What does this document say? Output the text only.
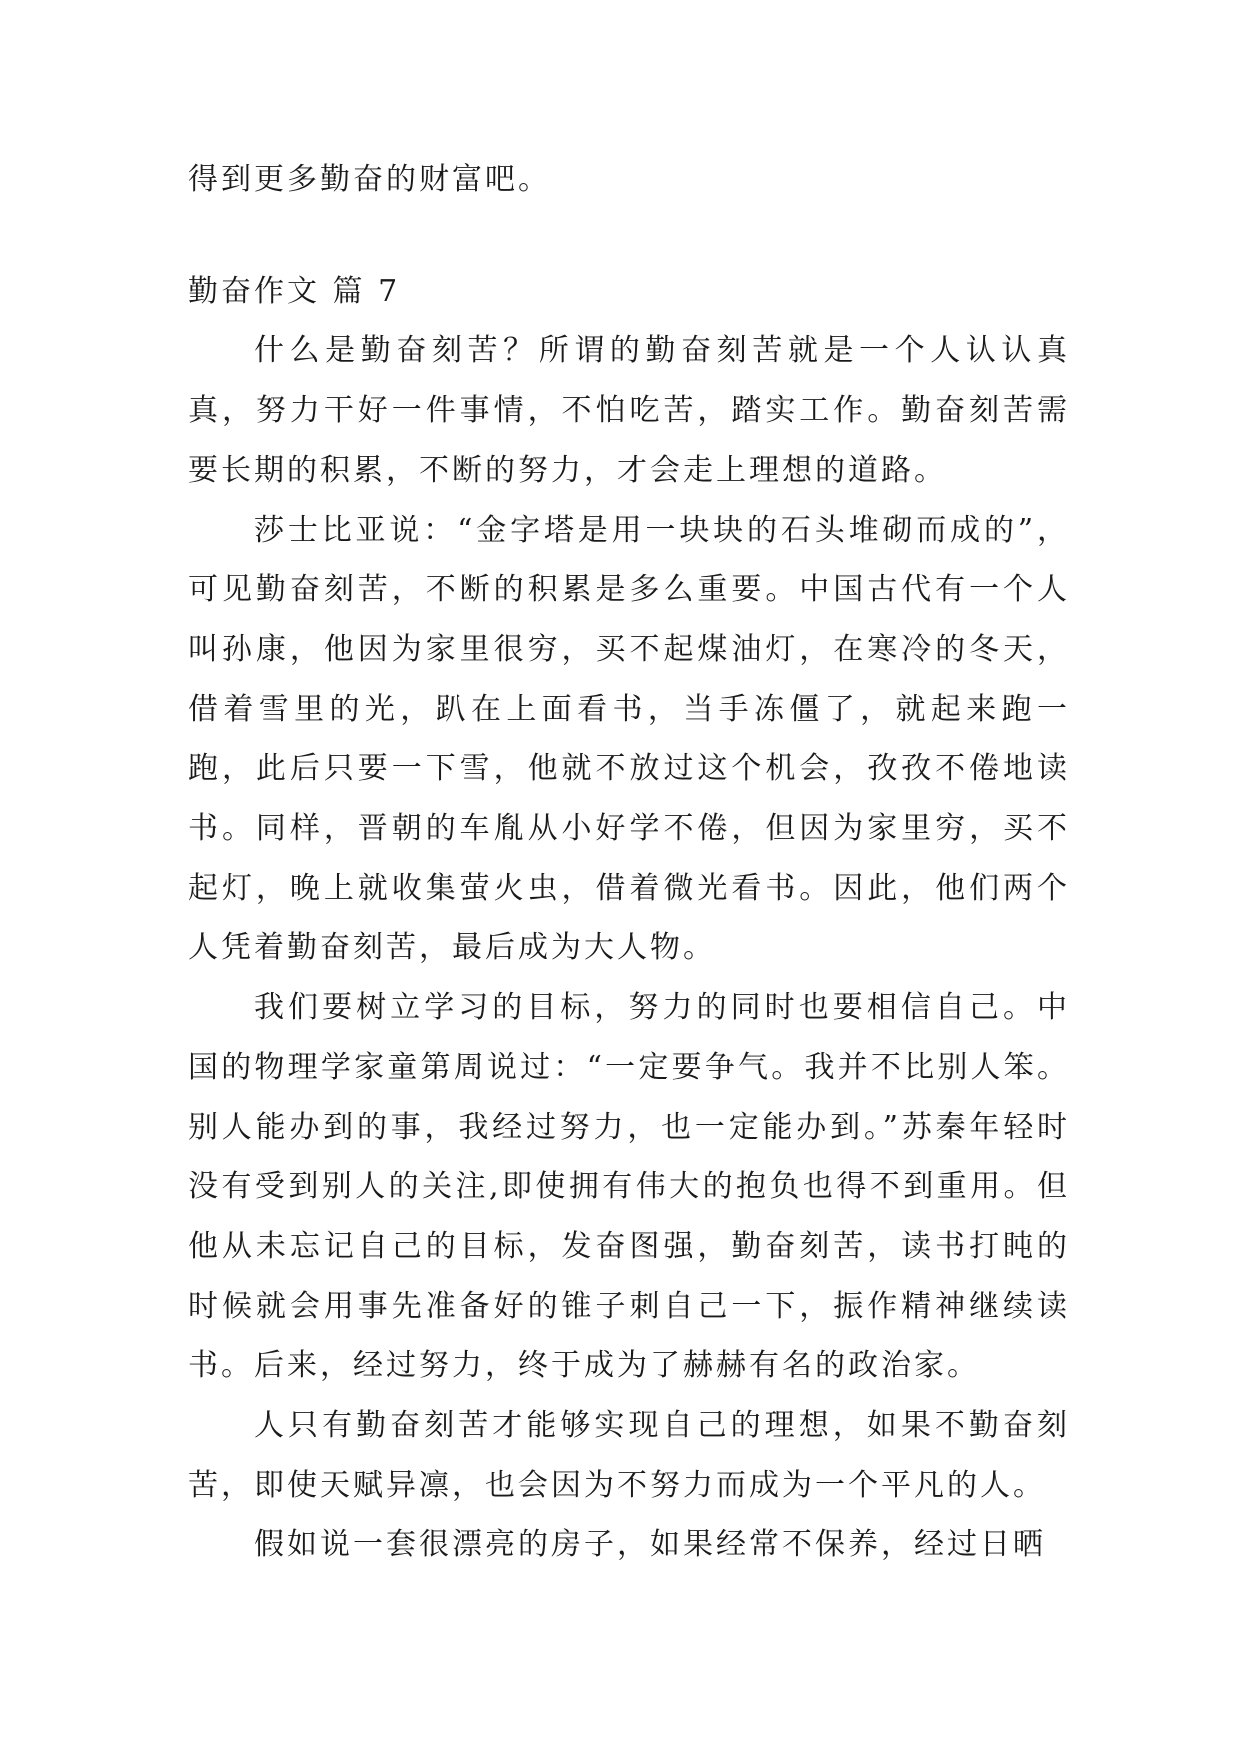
得到更多勤奋的财富吧。

勤奋作文 篇 7

什么是勤奋刻苦？所谓的勤奋刻苦就是一个人认认真真，努力干好一件事情，不怕吃苦，踏实工作。勤奋刻苦需要长期的积累，不断的努力，才会走上理想的道路。

莎士比亚说：“金字塔是用一块块的石头堆砌而成的”，可见勤奋刻苦，不断的积累是多么重要。中国古代有一个人叫孙康，他因为家里很穷，买不起煤油灯，在寒冷的冬天，借着雪里的光，趴在上面看书，当手冻僵了，就起来跑一跑，此后只要一下雪，他就不放过这个机会，孜孜不倦地读书。同样，晋朝的车胤从小好学不倦，但因为家里穷，买不起灯，晚上就收集萤火虫，借着微光看书。因此，他们两个人凭着勤奋刻苦，最后成为大人物。

我们要树立学习的目标，努力的同时也要相信自己。中国的物理学家童第周说过：“一定要争气。我并不比别人笨。别人能办到的事，我经过努力，也一定能办到。”苏秦年轻时没有受到别人的关注,即使拥有伟大的抱负也得不到重用。但他从未忘记自己的目标，发奋图强，勤奋刻苦，读书打盹的时候就会用事先准备好的锥子刺自己一下，振作精神继续读书。后来，经过努力，终于成为了赫赫有名的政治家。

人只有勤奋刻苦才能够实现自己的理想，如果不勤奋刻苦，即使天赋异凛，也会因为不努力而成为一个平凡的人。

假如说一套很漂亮的房子，如果经常不保养，经过日晒
